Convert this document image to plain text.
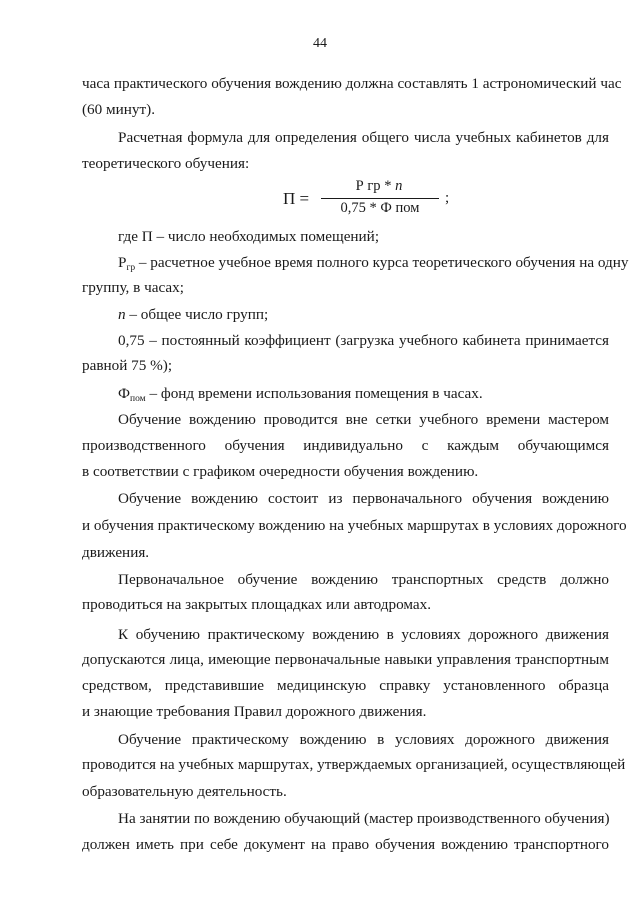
44
часа практического обучения вождению должна составлять 1 астрономический час
(60 минут).
Расчетная формула для определения общего числа учебных кабинетов для
теоретического обучения:
П =
Р гр * n
0,75 * Ф пом
;
где П – число необходимых помещений;
$Р_{гр}$ – расчетное учебное время полного курса теоретического обучения на одну
группу, в часах;
n – общее число групп;
0,75 – постоянный коэффициент (загрузка учебного кабинета принимается
равной 75 %);
$Ф_{пом}$ – фонд времени использования помещения в часах.
Обучение вождению проводится вне сетки учебного времени мастером
производственного обучения индивидуально с каждым обучающимся
в соответствии с графиком очередности обучения вождению.
Обучение вождению состоит из первоначального обучения вождению
и обучения практическому вождению на учебных маршрутах в условиях дорожного
движения.
Первоначальное обучение вождению транспортных средств должно
проводиться на закрытых площадках или автодромах.
К обучению практическому вождению в условиях дорожного движения
допускаются лица, имеющие первоначальные навыки управления транспортным
средством, представившие медицинскую справку установленного образца
и знающие требования Правил дорожного движения.
Обучение практическому вождению в условиях дорожного движения
проводится на учебных маршрутах, утверждаемых организацией, осуществляющей
образовательную деятельность.
На занятии по вождению обучающий (мастер производственного обучения)
должен иметь при себе документ на право обучения вождению транспортного
